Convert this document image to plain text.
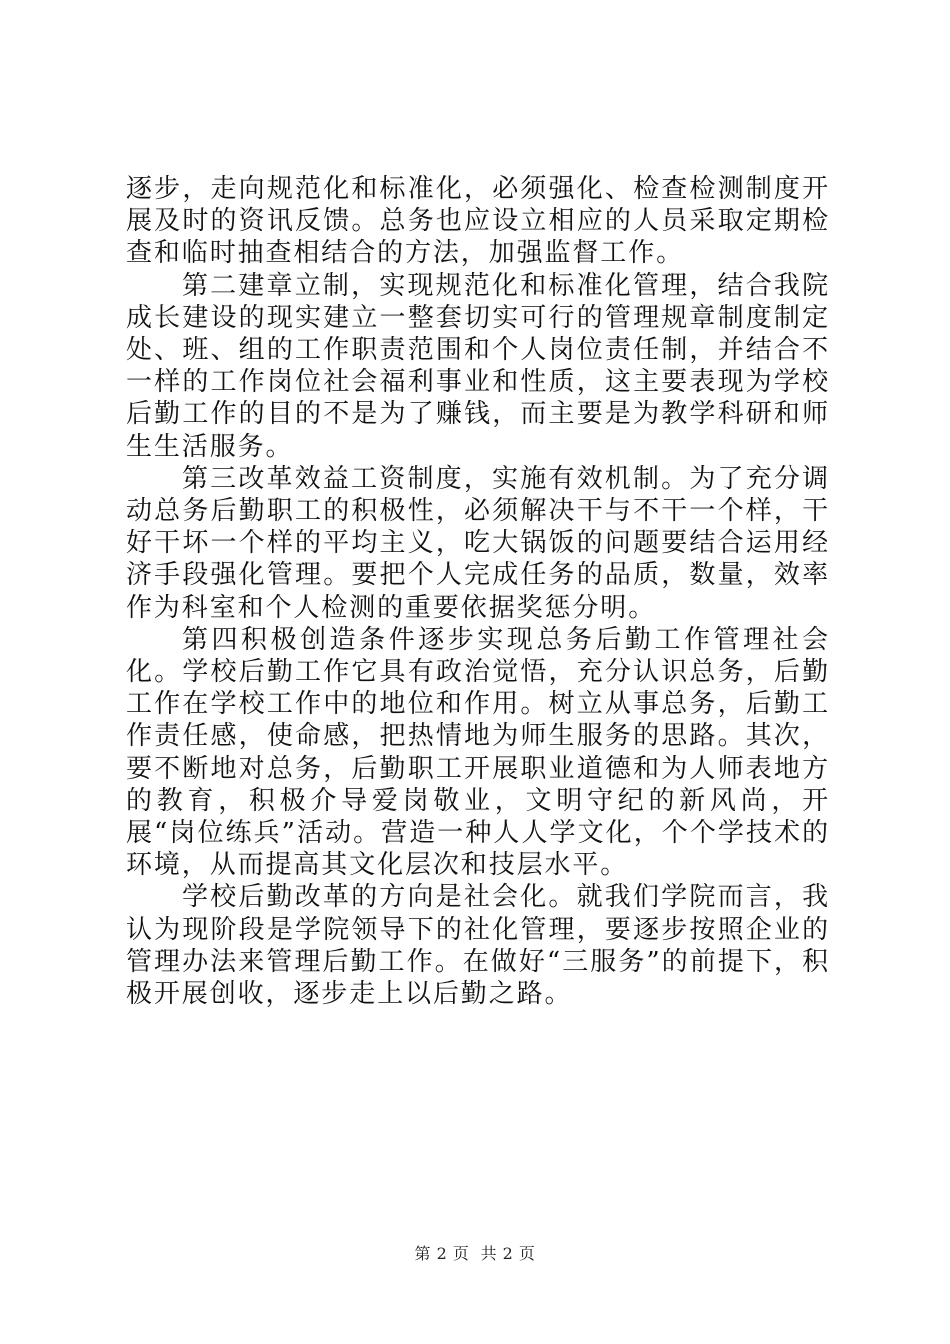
逐步，走向规范化和标准化，必须强化、检查检测制度开展及时的资讯反馈。总务也应设立相应的人员采取定期检查和临时抽查相结合的方法，加强监督工作。

第二建章立制，实现规范化和标准化管理，结合我院成长建设的现实建立一整套切实可行的管理规章制度制定处、班、组的工作职责范围和个人岗位责任制，并结合不一样的工作岗位社会福利事业和性质，这主要表现为学校后勤工作的目的不是为了赚钱，而主要是为教学科研和师生生活服务。

第三改革效益工资制度，实施有效机制。为了充分调动总务后勤职工的积极性，必须解决干与不干一个样，干好干坏一个样的平均主义，吃大锅饭的问题要结合运用经济手段强化管理。要把个人完成任务的品质，数量，效率作为科室和个人检测的重要依据奖惩分明。

第四积极创造条件逐步实现总务后勤工作管理社会化。学校后勤工作它具有政治觉悟，充分认识总务，后勤工作在学校工作中的地位和作用。树立从事总务，后勤工作责任感，使命感，把热情地为师生服务的思路。其次，要不断地对总务，后勤职工开展职业道德和为人师表地方的教育，积极介导爱岗敬业，文明守纪的新风尚，开展“岗位练兵”活动。营造一种人人学文化，个个学技术的环境，从而提高其文化层次和技层水平。

学校后勤改革的方向是社会化。就我们学院而言，我认为现阶段是学院领导下的社化管理，要逐步按照企业的管理办法来管理后勤工作。在做好“三服务”的前提下，积极开展创收，逐步走上以后勤之路。

第 2 页 共 2 页
